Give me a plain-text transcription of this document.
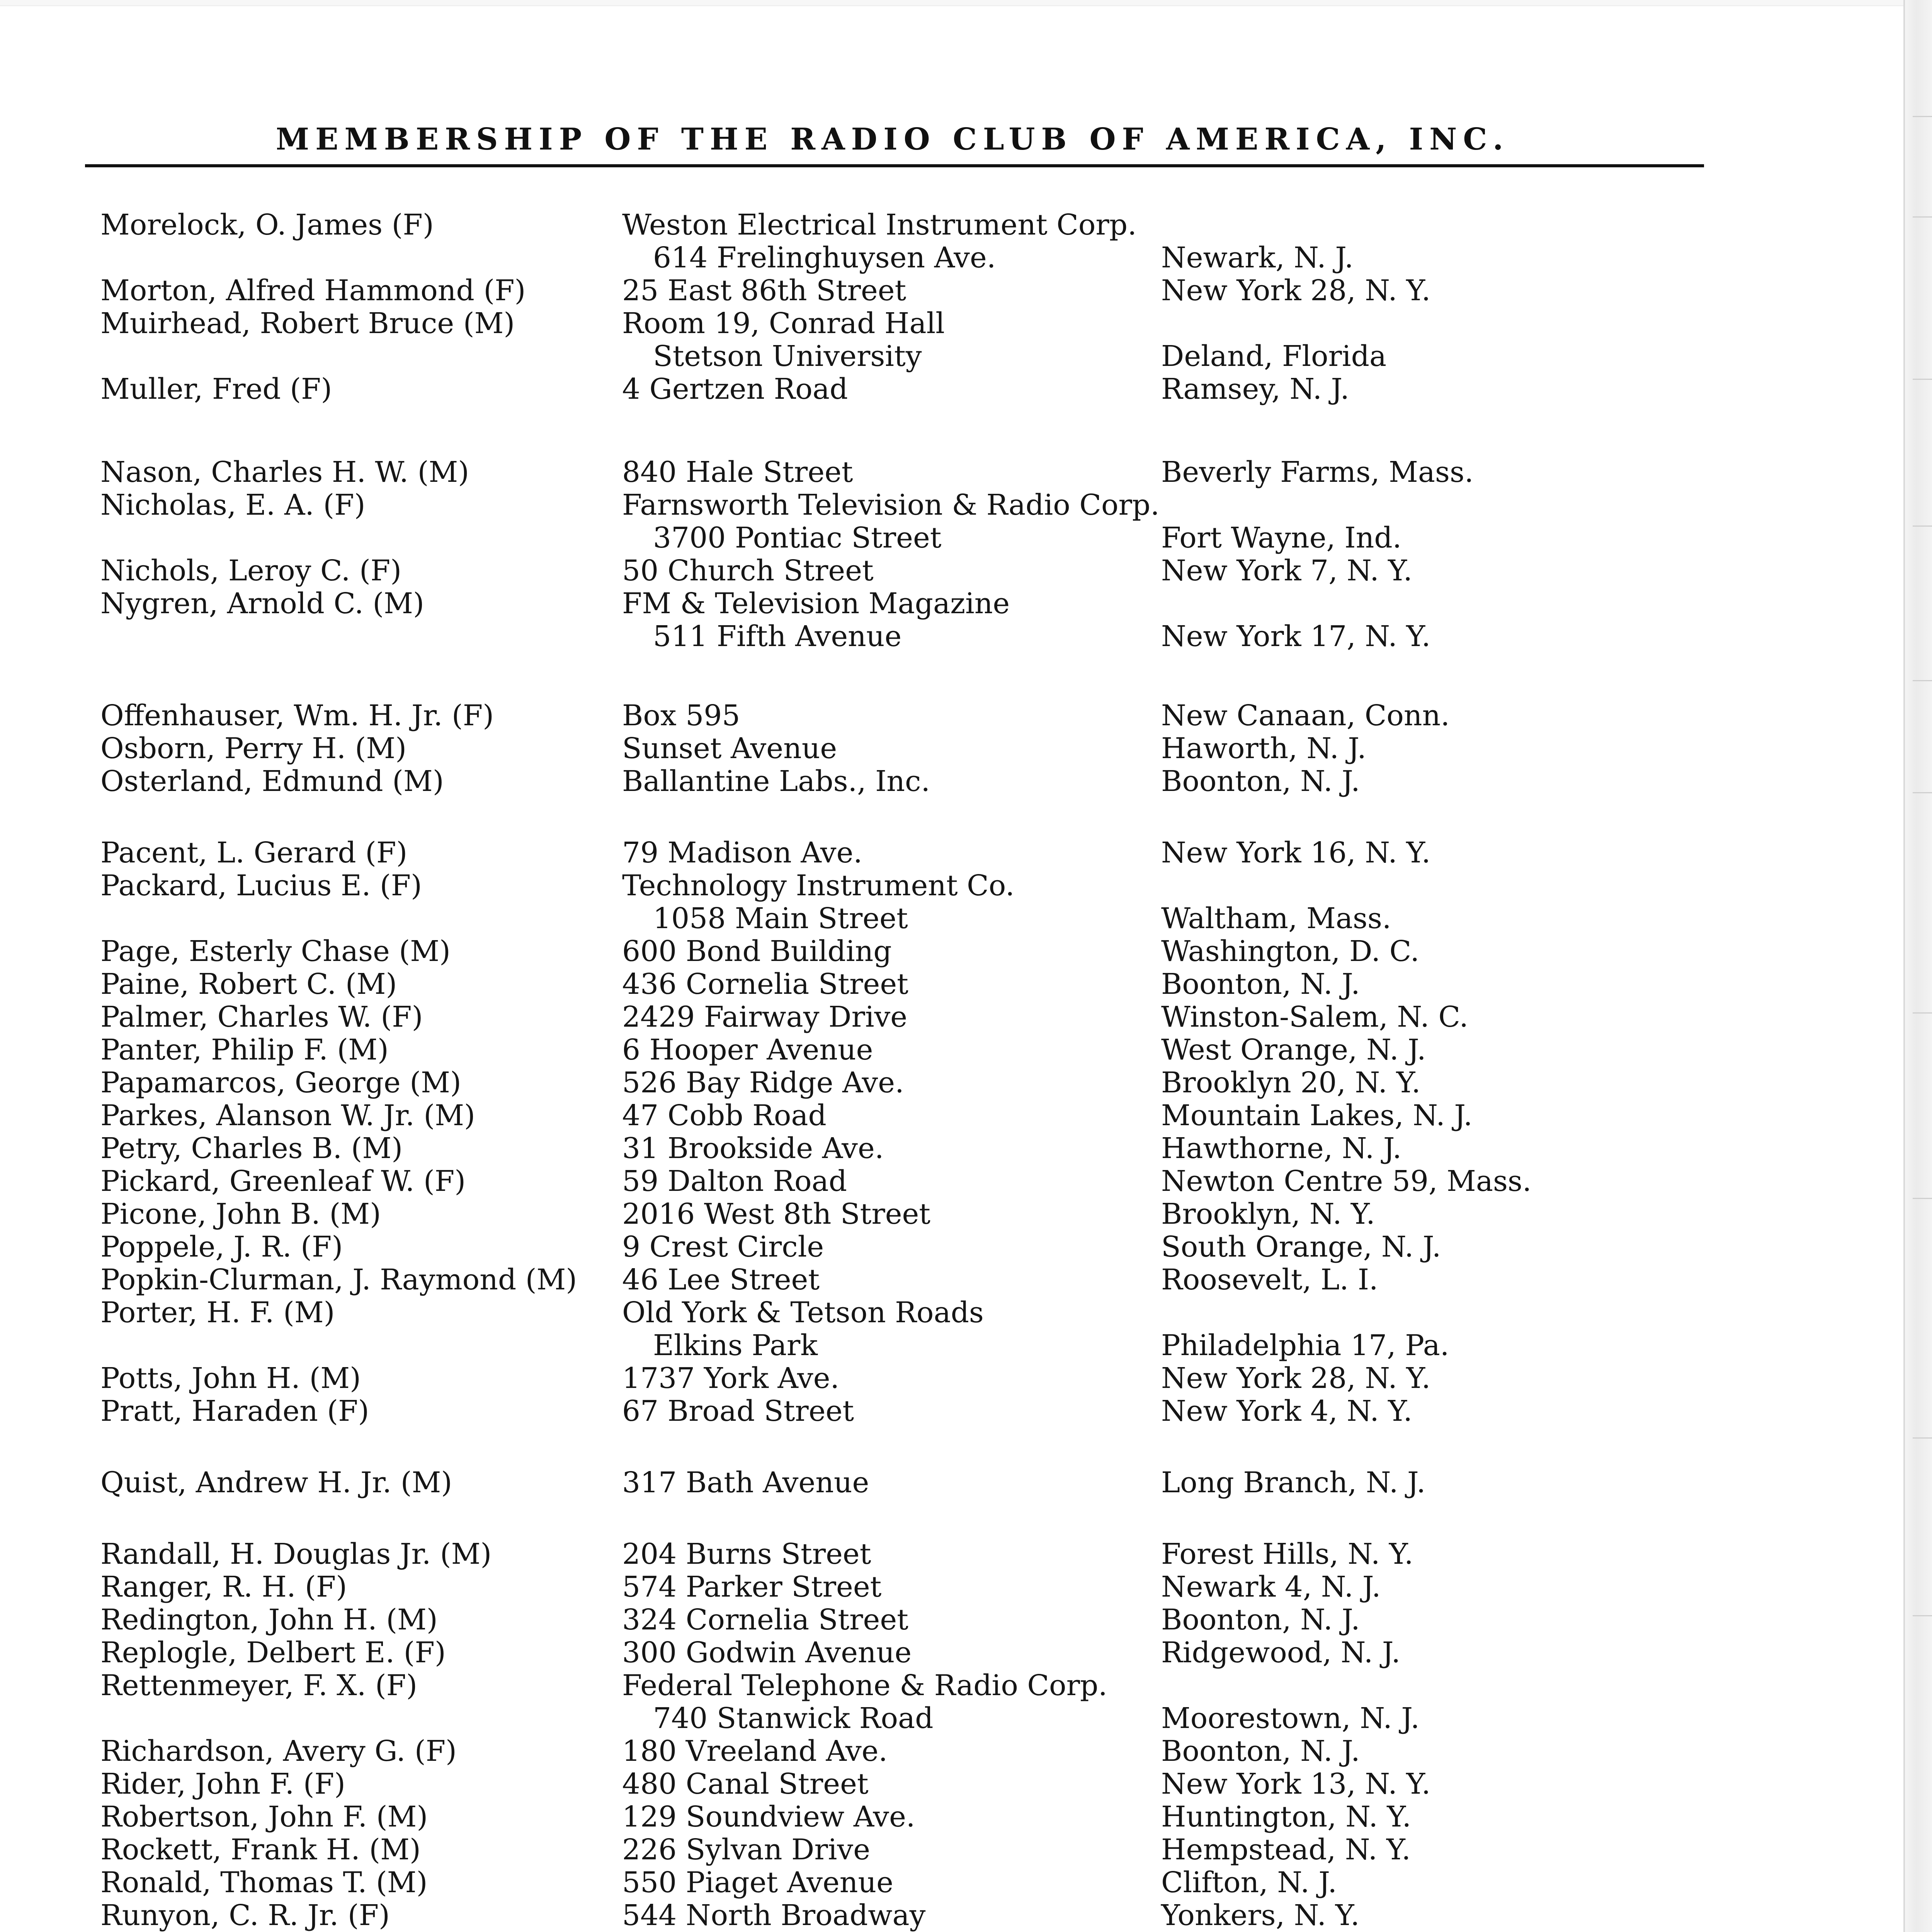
MEMBERSHIP OF THE RADIO CLUB OF AMERICA, INC.
Morelock, O. James (F)	Weston Electrical Instrument Corp.
614 Frelinghuysen Ave.	Newark, N. J.
Morton, Alfred Hammond (F)	25 East 86th Street	New York 28, N. Y.
Muirhead, Robert Bruce (M)	Room 19, Conrad Hall
Stetson University	Deland, Florida
Muller, Fred (F)	4 Gertzen Road	Ramsey, N. J.
Nason, Charles H. W. (M)	840 Hale Street	Beverly Farms, Mass.
Nicholas, E. A. (F)	Farnsworth Television & Radio Corp.
3700 Pontiac Street	Fort Wayne, Ind.
Nichols, Leroy C. (F)	50 Church Street	New York 7, N. Y.
Nygren, Arnold C. (M)	FM & Television Magazine
511 Fifth Avenue	New York 17, N. Y.
Offenhauser, Wm. H. Jr. (F)	Box 595	New Canaan, Conn.
Osborn, Perry H. (M)	Sunset Avenue	Haworth, N. J.
Osterland, Edmund (M)	Ballantine Labs., Inc.	Boonton, N. J.
Pacent, L. Gerard (F)	79 Madison Ave.	New York 16, N. Y.
Packard, Lucius E. (F)	Technology Instrument Co.
1058 Main Street	Waltham, Mass.
Page, Esterly Chase (M)	600 Bond Building	Washington, D. C.
Paine, Robert C. (M)	436 Cornelia Street	Boonton, N. J.
Palmer, Charles W. (F)	2429 Fairway Drive	Winston-Salem, N. C.
Panter, Philip F. (M)	6 Hooper Avenue	West Orange, N. J.
Papamarcos, George (M)	526 Bay Ridge Ave.	Brooklyn 20, N. Y.
Parkes, Alanson W. Jr. (M)	47 Cobb Road	Mountain Lakes, N. J.
Petry, Charles B. (M)	31 Brookside Ave.	Hawthorne, N. J.
Pickard, Greenleaf W. (F)	59 Dalton Road	Newton Centre 59, Mass.
Picone, John B. (M)	2016 West 8th Street	Brooklyn, N. Y.
Poppele, J. R. (F)	9 Crest Circle	South Orange, N. J.
Popkin-Clurman, J. Raymond (M) 46 Lee Street	Roosevelt, L. I.
Porter, H. F. (M)	Old York & Tetson Roads
Elkins Park	Philadelphia 17, Pa.
Potts, John H. (M)	1737 York Ave.	New York 28, N. Y.
Pratt, Haraden (F)	67 Broad Street	New York 4, N. Y.
Quist, Andrew H. Jr. (M)	317 Bath Avenue	Long Branch, N. J.
Randall, H. Douglas Jr. (M)	204 Burns Street	Forest Hills, N. Y.
Ranger, R. H. (F)	574 Parker Street	Newark 4, N. J.
Redington, John H. (M)	324 Cornelia Street	Boonton, N. J.
Replogle, Delbert E. (F)	300 Godwin Avenue	Ridgewood, N. J.
Rettenmeyer, F. X. (F)	Federal Telephone & Radio Corp.
740 Stanwick Road	Moorestown, N. J.
Richardson, Avery G. (F)	180 Vreeland Ave.	Boonton, N. J.
Rider, John F. (F)	480 Canal Street	New York 13, N. Y.
Robertson, John F. (M)	129 Soundview Ave.	Huntington, N. Y.
Rockett, Frank H. (M)	226 Sylvan Drive	Hempstead, N. Y.
Ronald, Thomas T. (M)	550 Piaget Avenue	Clifton, N. J.
Runyon, C. R. Jr. (F)	544 North Broadway	Yonkers, N. Y.
